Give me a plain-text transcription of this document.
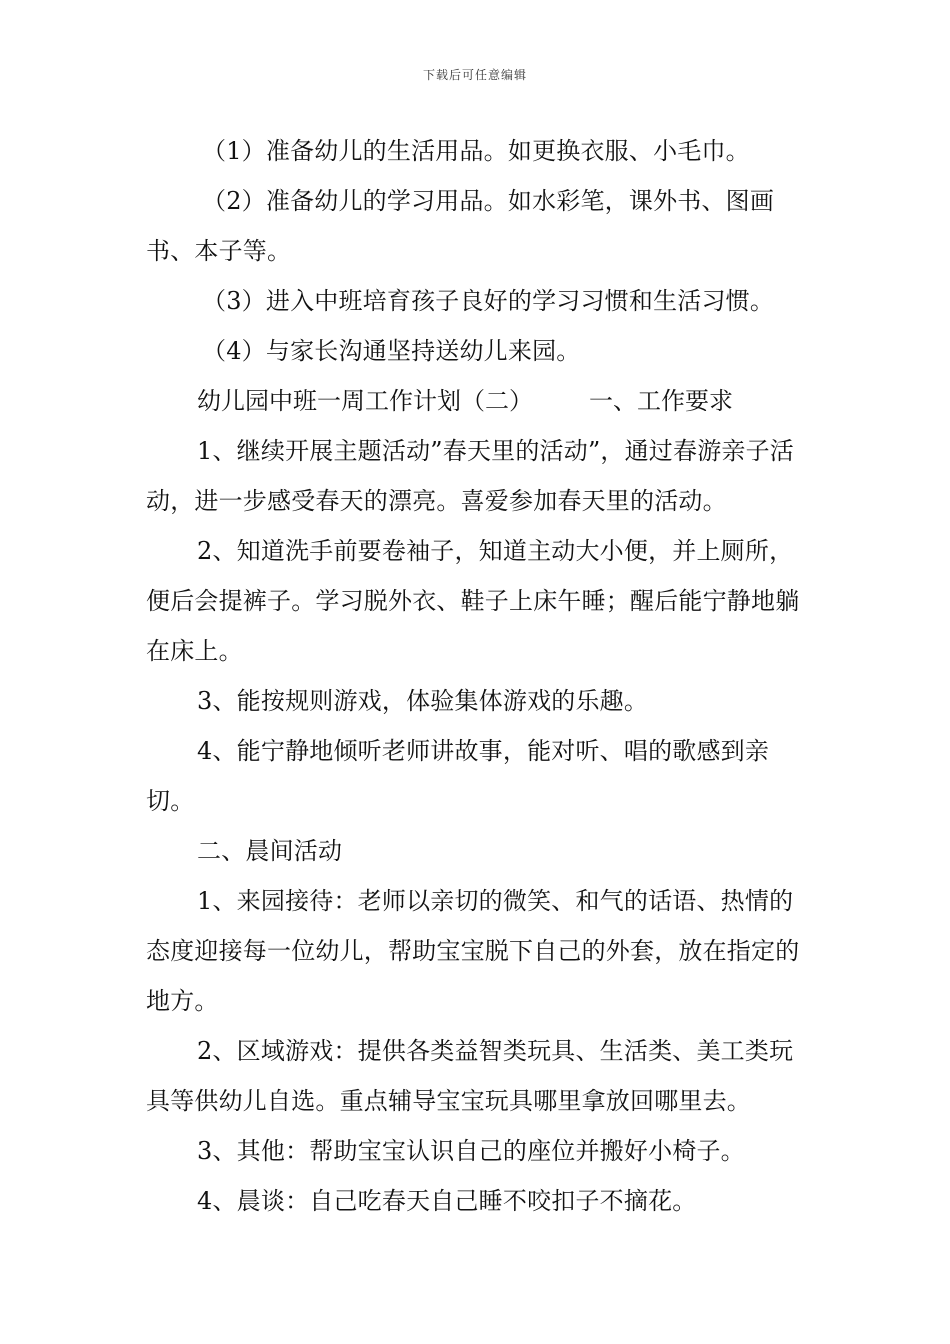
下载后可任意编辑

（1）准备幼儿的生活用品。如更换衣服、小毛巾。

（2）准备幼儿的学习用品。如水彩笔，课外书、图画书、本子等。

（3）进入中班培育孩子良好的学习习惯和生活习惯。

（4）与家长沟通坚持送幼儿来园。

幼儿园中班一周工作计划（二） 一、工作要求

1、继续开展主题活动”春天里的活动”，通过春游亲子活动，进一步感受春天的漂亮。喜爱参加春天里的活动。

2、知道洗手前要卷袖子，知道主动大小便，并上厕所，便后会提裤子。学习脱外衣、鞋子上床午睡；醒后能宁静地躺在床上。

3、能按规则游戏，体验集体游戏的乐趣。

4、能宁静地倾听老师讲故事，能对听、唱的歌感到亲切。

二、晨间活动

1、来园接待：老师以亲切的微笑、和气的话语、热情的态度迎接每一位幼儿，帮助宝宝脱下自己的外套，放在指定的地方。

2、区域游戏：提供各类益智类玩具、生活类、美工类玩具等供幼儿自选。重点辅导宝宝玩具哪里拿放回哪里去。

3、其他：帮助宝宝认识自己的座位并搬好小椅子。

4、晨谈：自己吃春天自己睡不咬扣子不摘花。
